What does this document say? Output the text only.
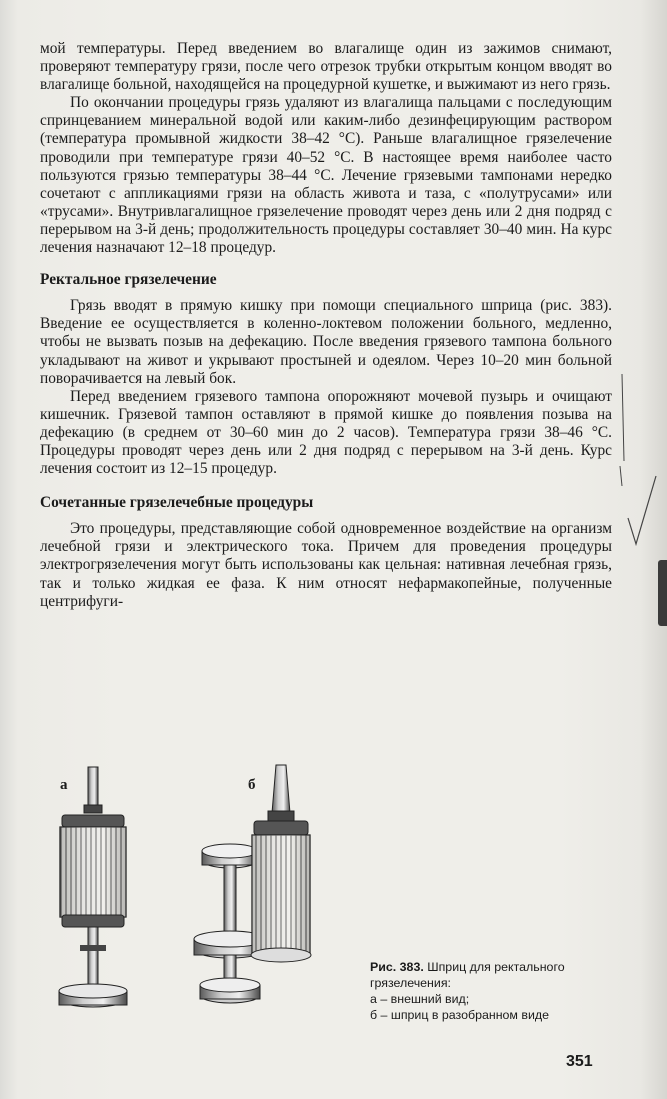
мой температуры. Перед введением во влагалище один из зажимов снимают, проверяют температуру грязи, после чего отрезок трубки открытым концом вводят во влагалище больной, находящейся на процедурной кушетке, и выжимают из него грязь.

По окончании процедуры грязь удаляют из влагалища пальцами с последующим спринцеванием минеральной водой или каким-либо дезинфецирующим раствором (температура промывной жидкости 38–42 °С). Раньше влагалищное грязелечение проводили при температуре грязи 40–52 °С. В настоящее время наиболее часто пользуются грязью температуры 38–44 °С. Лечение грязевыми тампонами нередко сочетают с аппликациями грязи на область живота и таза, с «полутрусами» или «трусами». Внутривлагалищное грязелечение проводят через день или 2 дня подряд с перерывом на 3-й день; продолжительность процедуры составляет 30–40 мин. На курс лечения назначают 12–18 процедур.

Ректальное грязелечение

Грязь вводят в прямую кишку при помощи специального шприца (рис. 383). Введение ее осуществляется в коленно-локтевом положении больного, медленно, чтобы не вызвать позыв на дефекацию. После введения грязевого тампона больного укладывают на живот и укрывают простыней и одеялом. Через 10–20 мин больной поворачивается на левый бок.

Перед введением грязевого тампона опорожняют мочевой пузырь и очищают кишечник. Грязевой тампон оставляют в прямой кишке до появления позыва на дефекацию (в среднем от 30–60 мин до 2 часов). Температура грязи 38–46 °С. Процедуры проводят через день или 2 дня подряд с перерывом на 3-й день. Курс лечения состоит из 12–15 процедур.

Сочетанные грязелечебные процедуры

Это процедуры, представляющие собой одновременное воздействие на организм лечебной грязи и электрического тока. Причем для проведения процедуры электрогрязелечения могут быть использованы как цельная: нативная лечебная грязь, так и только жидкая ее фаза. К ним относят нефармакопейные, полученные центрифуги-

а	б
Рис. 383. Шприц для ректального грязелечения:
а – внешний вид;
б – шприц в разобранном виде
351
